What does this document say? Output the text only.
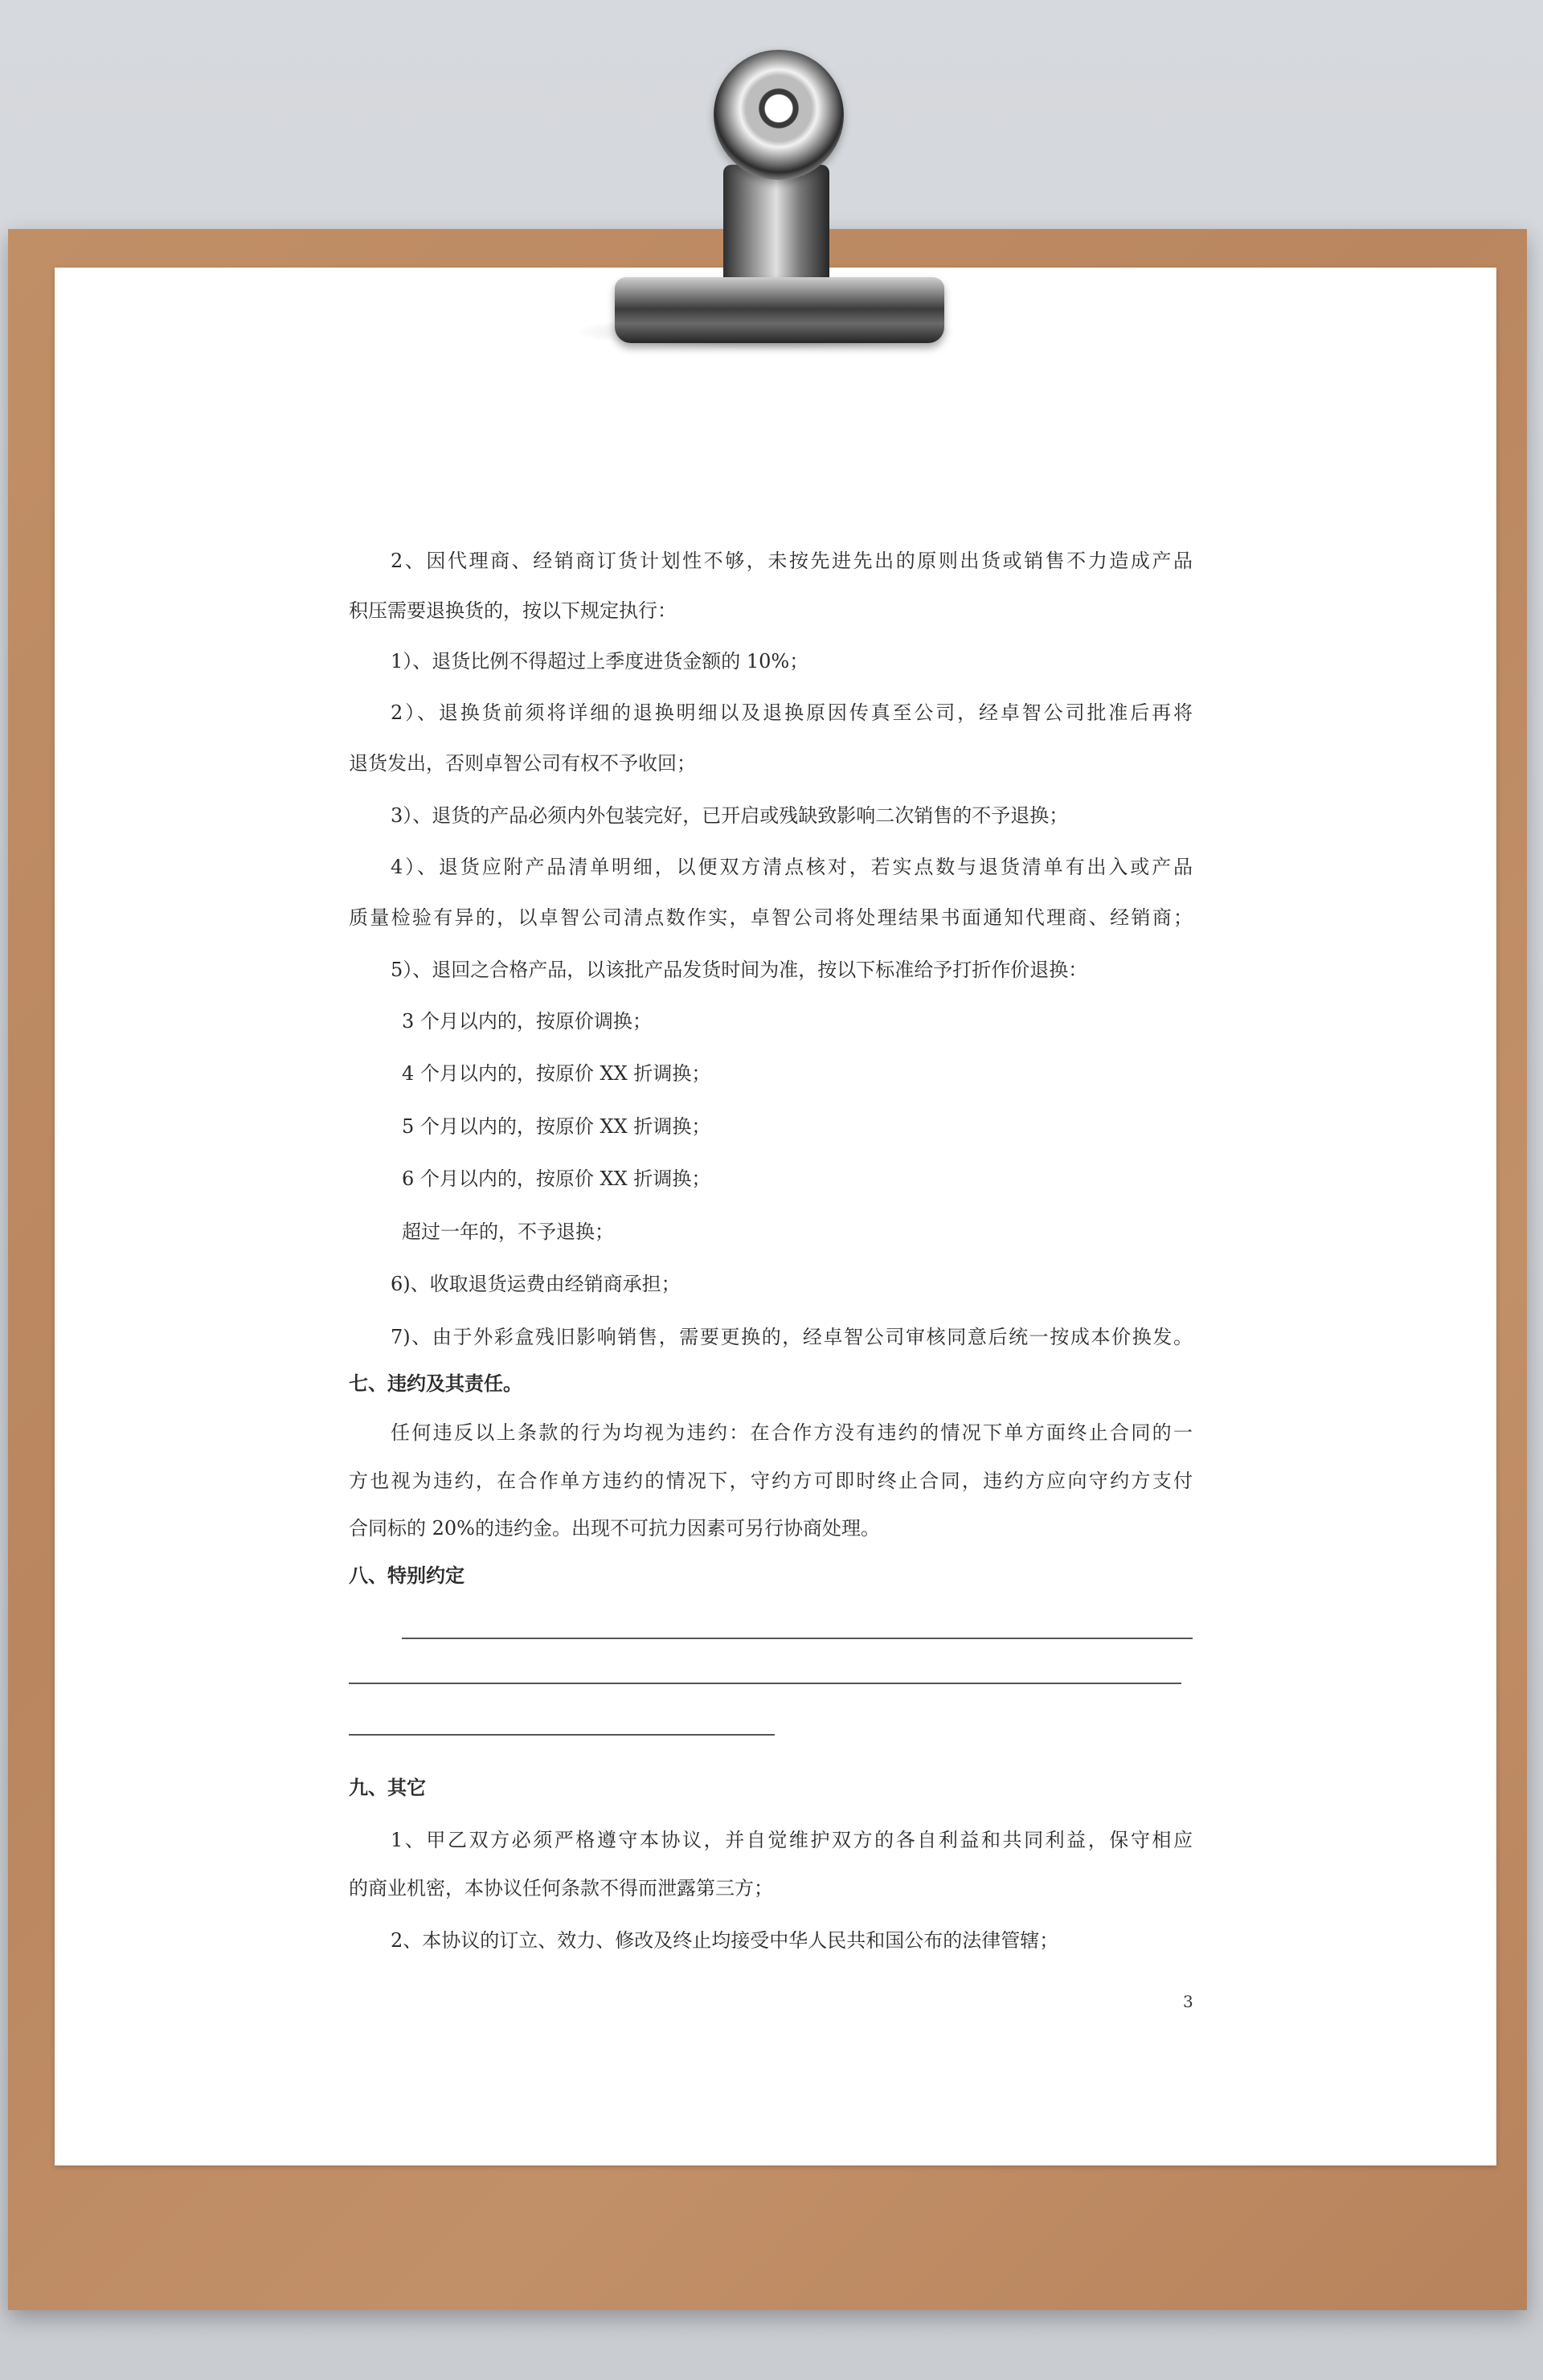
2、因代理商、经销商订货计划性不够，未按先进先出的原则出货或销售不力造成产品
积压需要退换货的，按以下规定执行：
1）、退货比例不得超过上季度进货金额的 10%；
2）、退换货前须将详细的退换明细以及退换原因传真至公司，经卓智公司批准后再将
退货发出，否则卓智公司有权不予收回；
3）、退货的产品必须内外包装完好，已开启或残缺致影响二次销售的不予退换；
4）、退货应附产品清单明细，以便双方清点核对，若实点数与退货清单有出入或产品
质量检验有异的，以卓智公司清点数作实，卓智公司将处理结果书面通知代理商、经销商；
5）、退回之合格产品，以该批产品发货时间为准，按以下标准给予打折作价退换：
3 个月以内的，按原价调换；
4 个月以内的，按原价 XX 折调换；
5 个月以内的，按原价 XX 折调换；
6 个月以内的，按原价 XX 折调换；
超过一年的，不予退换；
6)、收取退货运费由经销商承担；
7)、由于外彩盒残旧影响销售，需要更换的，经卓智公司审核同意后统一按成本价换发。
七、违约及其责任。
任何违反以上条款的行为均视为违约：在合作方没有违约的情况下单方面终止合同的一
方也视为违约，在合作单方违约的情况下，守约方可即时终止合同，违约方应向守约方支付
合同标的 20%的违约金。出现不可抗力因素可另行协商处理。
八、特别约定
九、其它
1、甲乙双方必须严格遵守本协议，并自觉维护双方的各自利益和共同利益，保守相应
的商业机密，本协议任何条款不得而泄露第三方；
2、本协议的订立、效力、修改及终止均接受中华人民共和国公布的法律管辖；
3
